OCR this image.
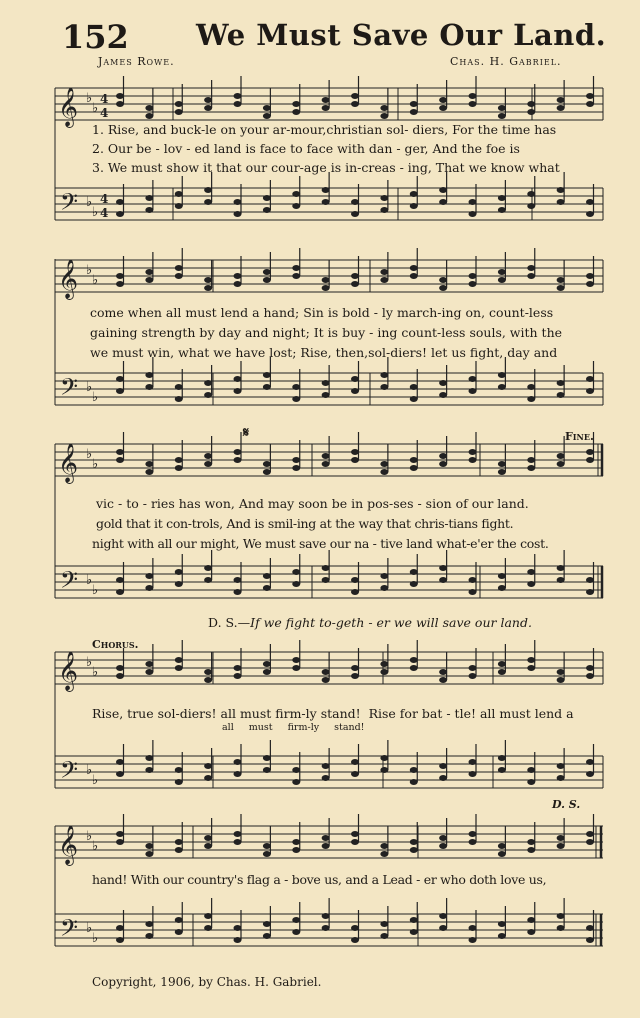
152 We Must Save Our Land.
James Rowe.	Chas. H. Gabriel.
𝄞 ♭
♭
4
4
1. Rise, and buck-le on your ar-mour,christian sol- diers, For the time has
2. Our be - lov - ed land is face to face with dan - ger, And the foe is
3. We must show it that our cour-age is in-creas - ing, That we know what
𝄢 ♭
♭
4
4
𝄞 ♭
♭
come when all must lend a hand; Sin is bold - ly march-ing on, count-less
gaining strength by day and night; It is buy - ing count-less souls, with the
we must win, what we have lost; Rise, then,sol-diers! let us fight, day and
𝄢 ♭
♭
𝄋	Fine.
𝄞 ♭
♭
vic - to - ries has won, And may soon be in pos-ses - sion of our land.
gold that it con-trols, And is smil-ing at the way that chris-tians fight.
night with all our might, We must save our na - tive land what-e'er the cost.
𝄢 ♭
♭
D. S.—If we fight to-geth - er we will save our land.
Chorus.
𝄞 ♭
♭
Rise, true sol-diers! all must firm-ly stand!  Rise for bat - tle! all must lend a
all must firm-ly stand!
𝄢 ♭
♭
D. S.
𝄞 ♭
♭
hand! With our country's flag a - bove us, and a Lead - er who doth love us,
𝄢 ♭
♭
Copyright, 1906, by Chas. H. Gabriel.
